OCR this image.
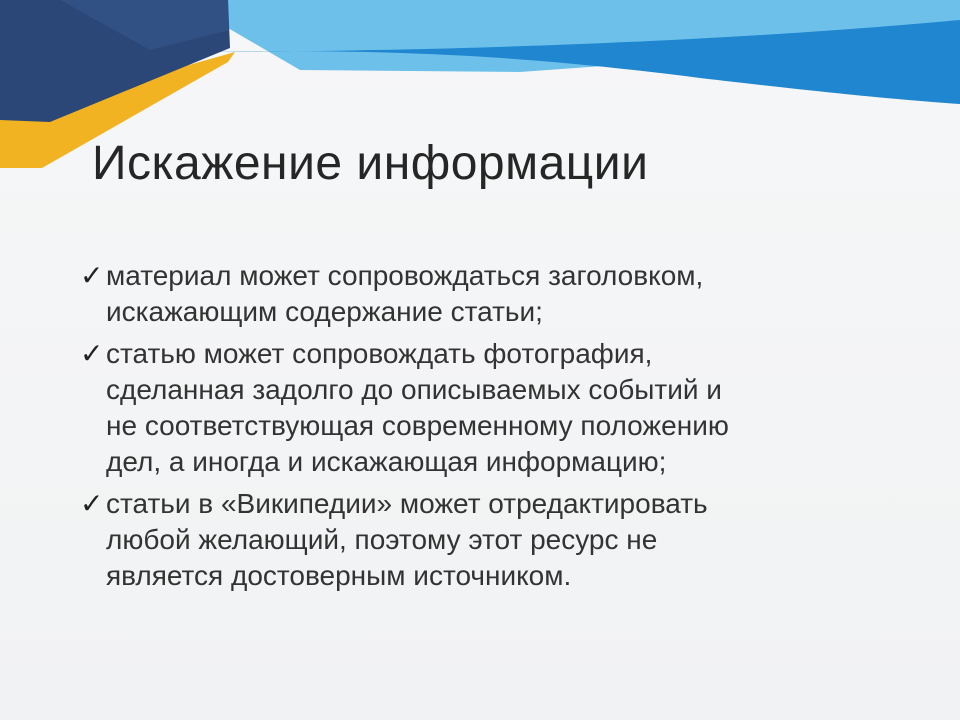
Искажение информации
✓ материал может сопровождаться заголовком,
искажающим содержание статьи;
✓ статью может сопровождать фотография,
сделанная задолго до описываемых событий и
не соответствующая современному положению
дел, а иногда и искажающая информацию;
✓ статьи в «Википедии» может отредактировать
любой желающий, поэтому этот ресурс не
является достоверным источником.
